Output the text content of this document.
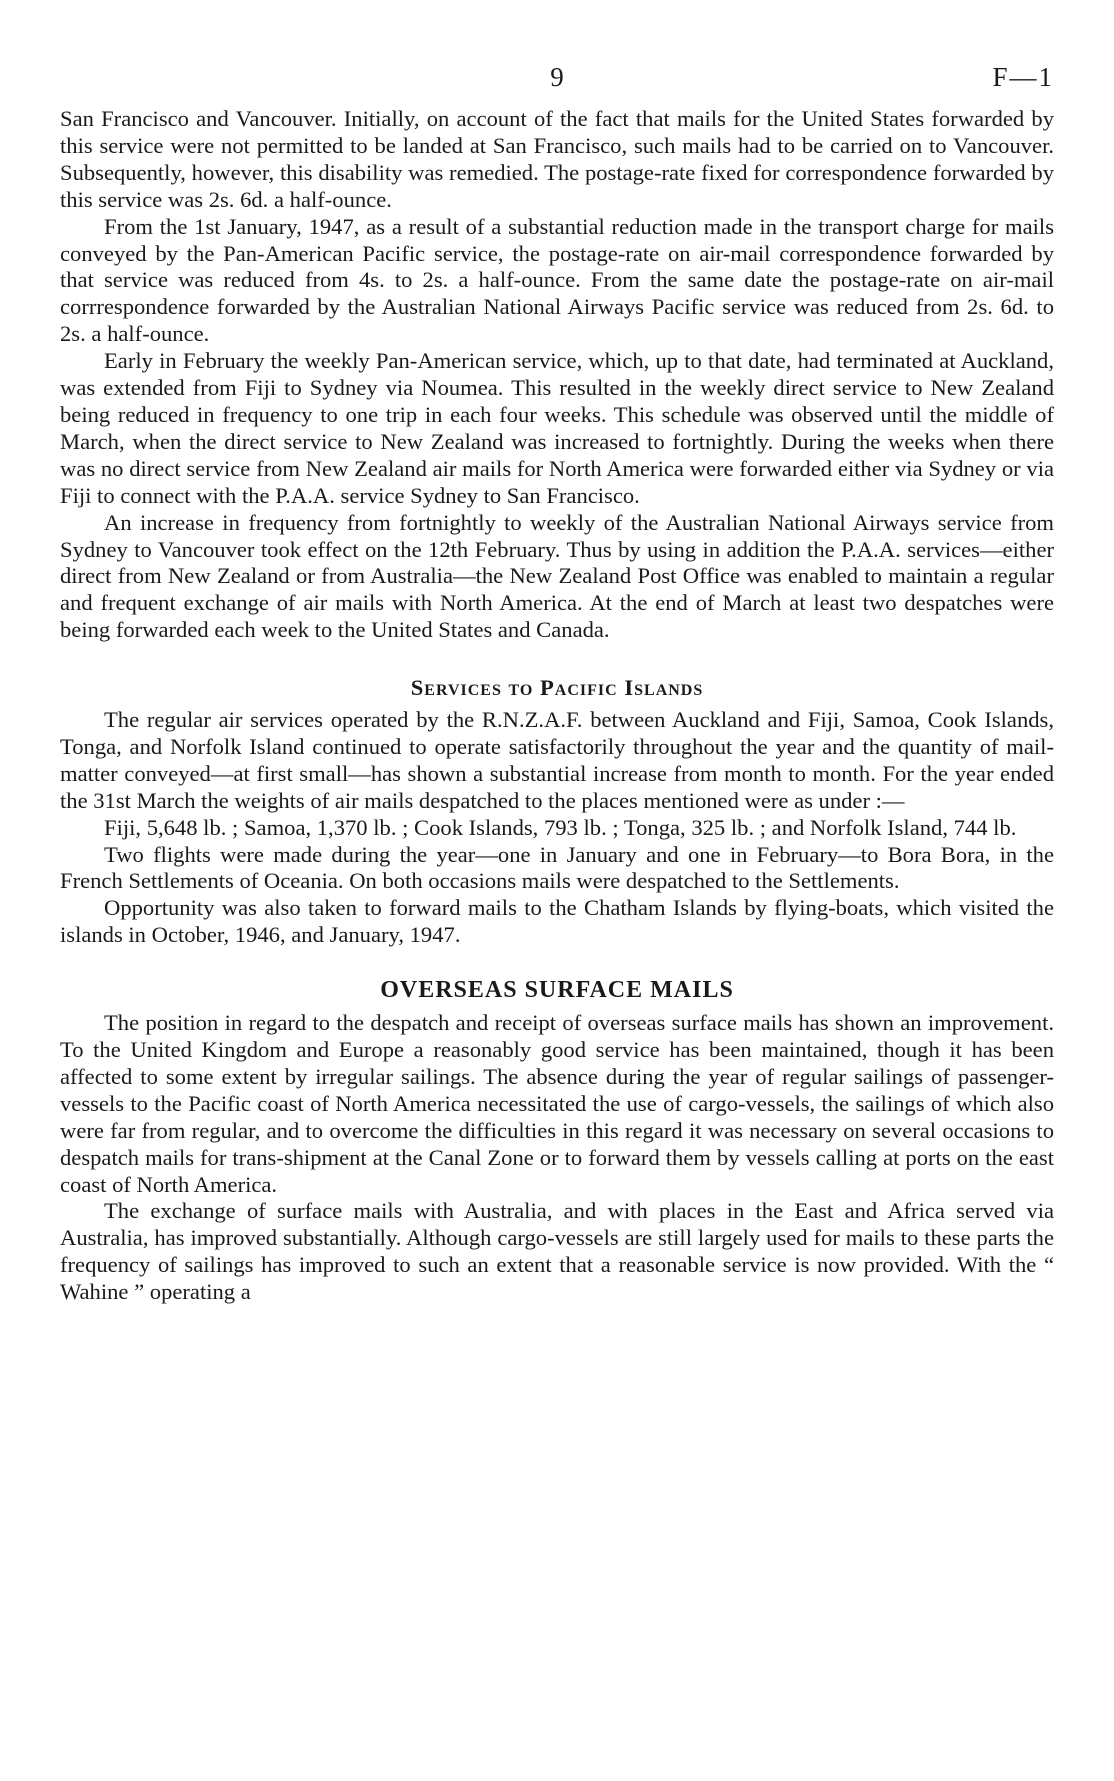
9	F—1

San Francisco and Vancouver. Initially, on account of the fact that mails for the United States forwarded by this service were not permitted to be landed at San Francisco, such mails had to be carried on to Vancouver. Subsequently, however, this disability was remedied. The postage-rate fixed for correspondence forwarded by this service was 2s. 6d. a half-ounce.

From the 1st January, 1947, as a result of a substantial reduction made in the transport charge for mails conveyed by the Pan-American Pacific service, the postage-rate on air-mail correspondence forwarded by that service was reduced from 4s. to 2s. a half-ounce. From the same date the postage-rate on air-mail corrrespondence forwarded by the Australian National Airways Pacific service was reduced from 2s. 6d. to 2s. a half-ounce.

Early in February the weekly Pan-American service, which, up to that date, had terminated at Auckland, was extended from Fiji to Sydney via Noumea. This resulted in the weekly direct service to New Zealand being reduced in frequency to one trip in each four weeks. This schedule was observed until the middle of March, when the direct service to New Zealand was increased to fortnightly. During the weeks when there was no direct service from New Zealand air mails for North America were forwarded either via Sydney or via Fiji to connect with the P.A.A. service Sydney to San Francisco.

An increase in frequency from fortnightly to weekly of the Australian National Airways service from Sydney to Vancouver took effect on the 12th February. Thus by using in addition the P.A.A. services—either direct from New Zealand or from Australia—the New Zealand Post Office was enabled to maintain a regular and frequent exchange of air mails with North America. At the end of March at least two despatches were being forwarded each week to the United States and Canada.

Services to Pacific Islands

The regular air services operated by the R.N.Z.A.F. between Auckland and Fiji, Samoa, Cook Islands, Tonga, and Norfolk Island continued to operate satisfactorily throughout the year and the quantity of mail-matter conveyed—at first small—has shown a substantial increase from month to month. For the year ended the 31st March the weights of air mails despatched to the places mentioned were as under :—

Fiji, 5,648 lb. ; Samoa, 1,370 lb. ; Cook Islands, 793 lb. ; Tonga, 325 lb. ; and Norfolk Island, 744 lb.

Two flights were made during the year—one in January and one in February—to Bora Bora, in the French Settlements of Oceania. On both occasions mails were despatched to the Settlements.

Opportunity was also taken to forward mails to the Chatham Islands by flying-boats, which visited the islands in October, 1946, and January, 1947.

OVERSEAS SURFACE MAILS

The position in regard to the despatch and receipt of overseas surface mails has shown an improvement. To the United Kingdom and Europe a reasonably good service has been maintained, though it has been affected to some extent by irregular sailings. The absence during the year of regular sailings of passenger-vessels to the Pacific coast of North America necessitated the use of cargo-vessels, the sailings of which also were far from regular, and to overcome the difficulties in this regard it was necessary on several occasions to despatch mails for trans-shipment at the Canal Zone or to forward them by vessels calling at ports on the east coast of North America.

The exchange of surface mails with Australia, and with places in the East and Africa served via Australia, has improved substantially. Although cargo-vessels are still largely used for mails to these parts the frequency of sailings has improved to such an extent that a reasonable service is now provided. With the “ Wahine ” operating a
